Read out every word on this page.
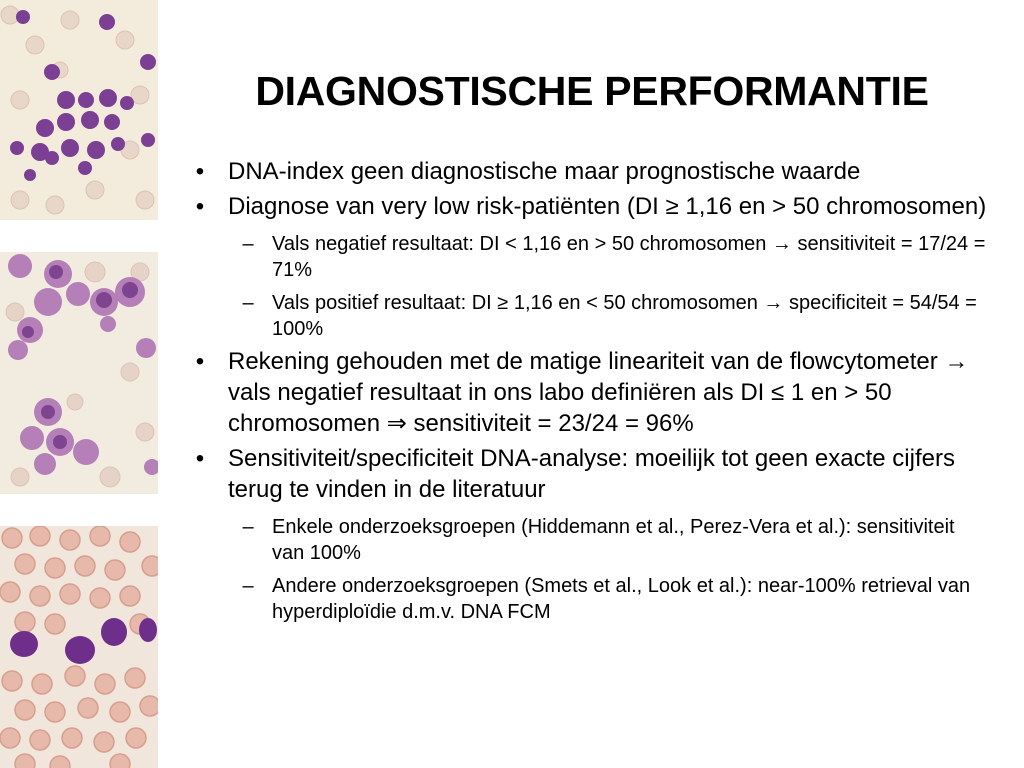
DIAGNOSTISCHE PERFORMANTIE
• DNA-index geen diagnostische maar prognostische waarde
• Diagnose van very low risk-patiënten (DI ≥ 1,16 en > 50 chromosomen)
– Vals negatief resultaat: DI < 1,16 en > 50 chromosomen → sensitiviteit = 17/24 = 71%
– Vals positief resultaat: DI ≥ 1,16 en < 50 chromosomen → specificiteit = 54/54 = 100%
• Rekening gehouden met de matige lineariteit van de flowcytometer → vals negatief resultaat in ons labo definiëren als DI ≤ 1 en > 50 chromosomen ⇒ sensitiviteit = 23/24 = 96%
• Sensitiviteit/specificiteit DNA-analyse: moeilijk tot geen exacte cijfers terug te vinden in de literatuur
– Enkele onderzoeksgroepen (Hiddemann et al., Perez-Vera et al.): sensitiviteit van 100%
– Andere onderzoeksgroepen (Smets et al., Look et al.): near-100% retrieval van hyperdiploïdie d.m.v. DNA FCM
